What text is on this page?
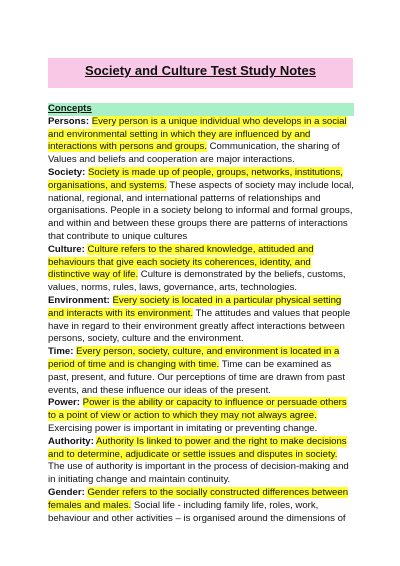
Society and Culture Test Study Notes
Concepts

Persons: Every person is a unique individual who develops in a social and environmental setting in which they are influenced by and interactions with persons and groups. Communication, the sharing of Values and beliefs and cooperation are major interactions.

Society: Society is made up of people, groups, networks, institutions, organisations, and systems. These aspects of society may include local, national, regional, and international patterns of relationships and organisations. People in a society belong to informal and formal groups, and within and between these groups there are patterns of interactions that contribute to unique cultures

Culture: Culture refers to the shared knowledge, attituded and behaviours that give each society its coherences, identity, and distinctive way of life. Culture is demonstrated by the beliefs, customs, values, norms, rules, laws, governance, arts, technologies.

Environment: Every society is located in a particular physical setting and interacts with its environment. The attitudes and values that people have in regard to their environment greatly affect interactions between persons, society, culture and the environment.

Time: Every person, society, culture, and environment is located in a period of time and is changing with time. Time can be examined as past, present, and future. Our perceptions of time are drawn from past events, and these influence our ideas of the present.

Power: Power is the ability or capacity to influence or persuade others to a point of view or action to which they may not always agree. Exercising power is important in imitating or preventing change.

Authority: Authority Is linked to power and the right to make decisions and to determine, adjudicate or settle issues and disputes in society. The use of authority is important in the process of decision-making and in initiating change and maintain continuity.

Gender: Gender refers to the socially constructed differences between females and males. Social life - including family life, roles, work, behaviour and other activities – is organised around the dimensions of
